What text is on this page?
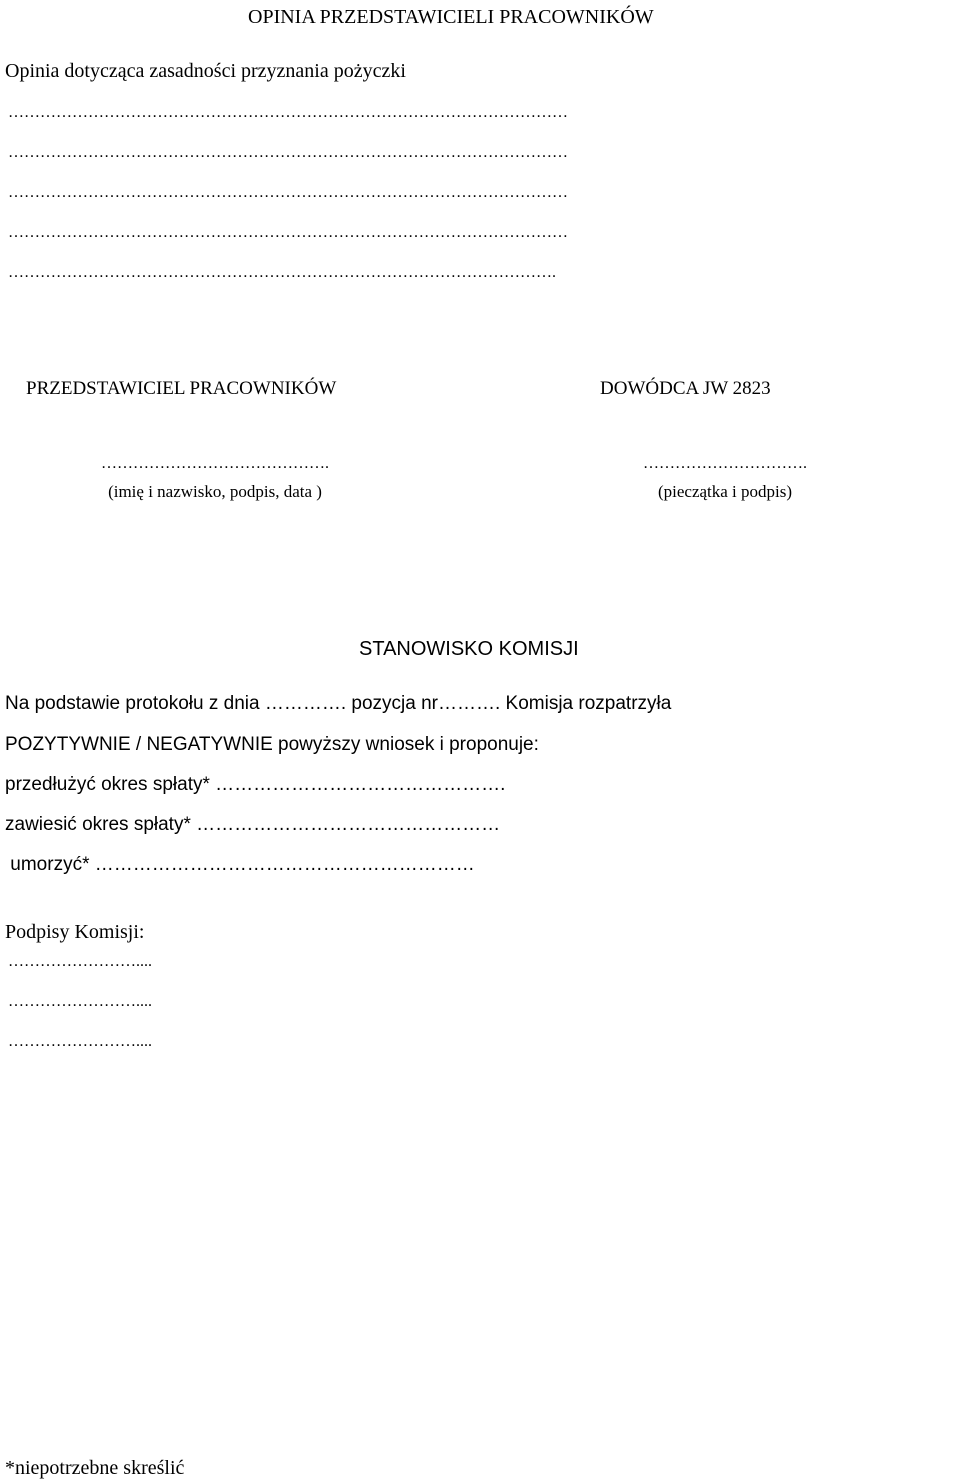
OPINIA PRZEDSTAWICIELI PRACOWNIKÓW
Opinia dotycząca zasadności przyznania pożyczki
……………………………………………………………………………………………
……………………………………………………………………………………………
……………………………………………………………………………………………
……………………………………………………………………………………………
………………………………………………………………………………………….
PRZEDSTAWICIEL PRACOWNIKÓW	DOWÓDCA JW 2823
…………………………………….	………………………….
(imię i nazwisko, podpis, data )	(pieczątka i podpis)
STANOWISKO KOMISJI
Na podstawie protokołu z dnia …………. pozycja nr………. Komisja rozpatrzyła
POZYTYWNIE / NEGATYWNIE powyższy wniosek i proponuje:
przedłużyć okres spłaty* ……………………………………….
zawiesić okres spłaty* …………………………………………
umorzyć* ……………………………………………………
Podpisy Komisji:
……………………....
……………………....
……………………....
*niepotrzebne skreślić
